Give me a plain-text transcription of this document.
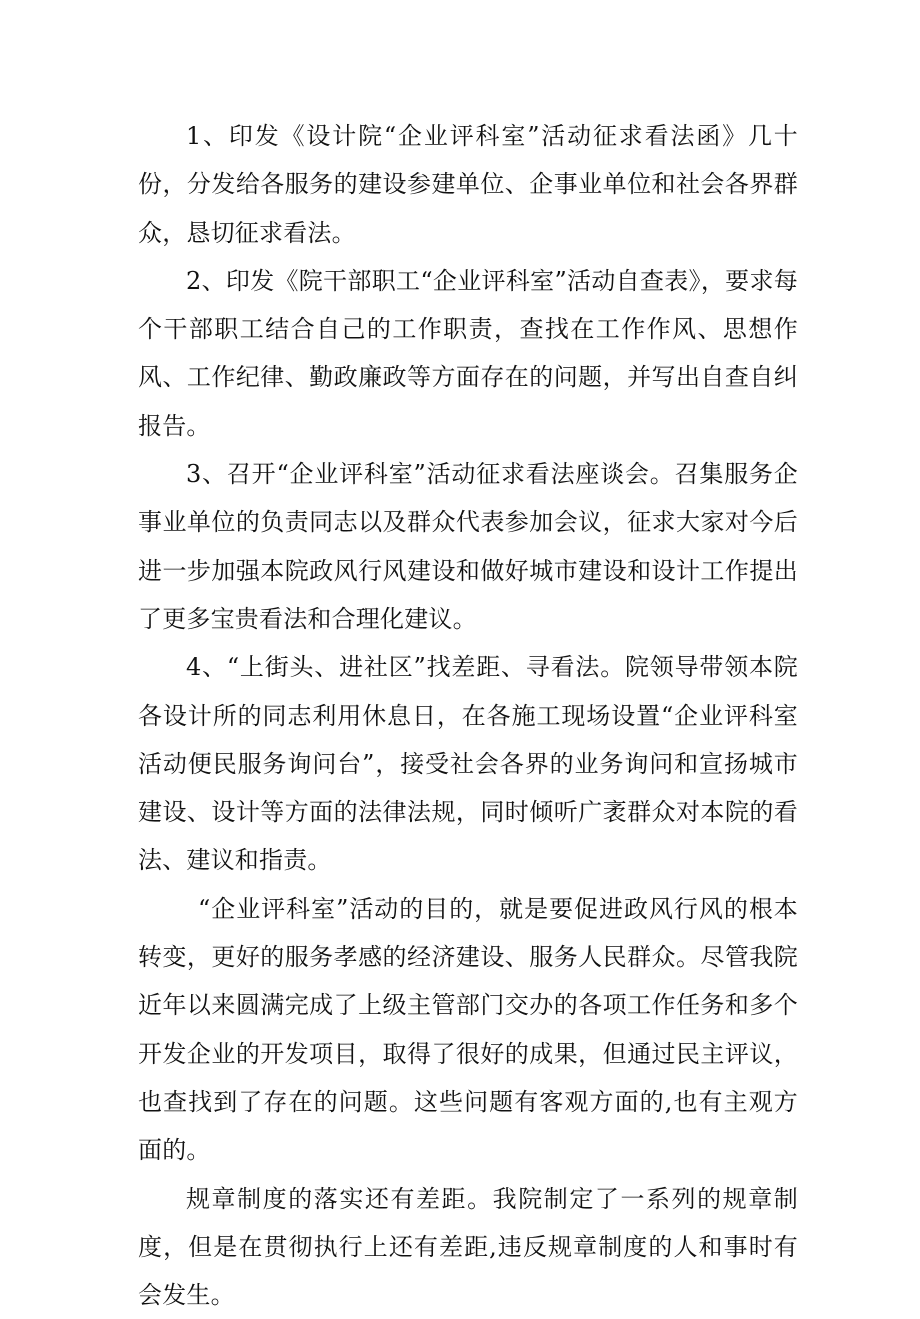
1、印发《设计院“企业评科室”活动征求看法函》几十份，分发给各服务的建设参建单位、企事业单位和社会各界群众，恳切征求看法。

2、印发《院干部职工“企业评科室”活动自查表》，要求每个干部职工结合自己的工作职责，查找在工作作风、思想作风、工作纪律、勤政廉政等方面存在的问题，并写出自查自纠报告。

3、召开“企业评科室”活动征求看法座谈会。召集服务企事业单位的负责同志以及群众代表参加会议，征求大家对今后进一步加强本院政风行风建设和做好城市建设和设计工作提出了更多宝贵看法和合理化建议。

4、“上街头、进社区”找差距、寻看法。院领导带领本院各设计所的同志利用休息日，在各施工现场设置“企业评科室活动便民服务询问台”，接受社会各界的业务询问和宣扬城市建设、设计等方面的法律法规，同时倾听广袤群众对本院的看法、建议和指责。

“企业评科室”活动的目的，就是要促进政风行风的根本转变，更好的服务孝感的经济建设、服务人民群众。尽管我院近年以来圆满完成了上级主管部门交办的各项工作任务和多个开发企业的开发项目，取得了很好的成果，但通过民主评议，也查找到了存在的问题。这些问题有客观方面的,也有主观方面的。

规章制度的落实还有差距。我院制定了一系列的规章制度，但是在贯彻执行上还有差距,违反规章制度的人和事时有会发生。
